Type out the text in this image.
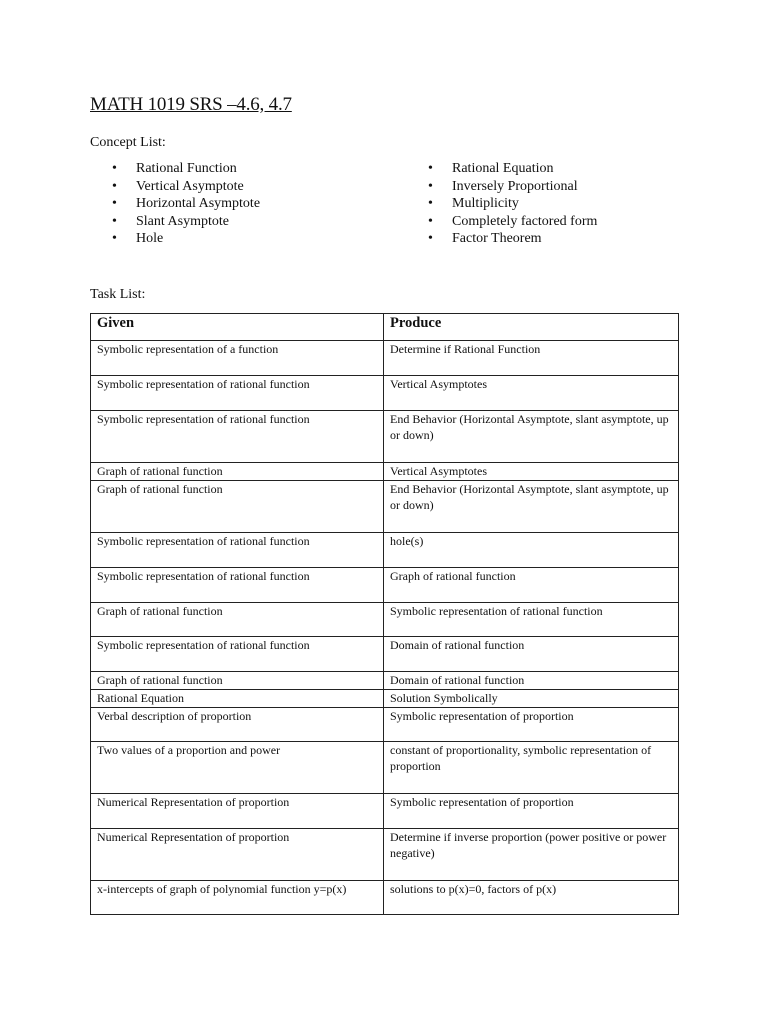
MATH 1019 SRS –4.6, 4.7
Concept List:
• Rational Function
• Vertical Asymptote
• Horizontal Asymptote
• Slant Asymptote
• Hole
• Rational Equation
• Inversely Proportional
• Multiplicity
• Completely factored form
• Factor Theorem
Task List:
Given	Produce
Symbolic representation of a function	Determine if Rational Function
Symbolic representation of rational function	Vertical Asymptotes
Symbolic representation of rational function	End Behavior (Horizontal Asymptote, slant asymptote, up or down)
Graph of rational function	Vertical Asymptotes
Graph of rational function	End Behavior (Horizontal Asymptote, slant asymptote, up or down)
Symbolic representation of rational function	hole(s)
Symbolic representation of rational function	Graph of rational function
Graph of rational function	Symbolic representation of rational function
Symbolic representation of rational function	Domain of rational function
Graph of rational function	Domain of rational function
Rational Equation	Solution Symbolically
Verbal description of proportion	Symbolic representation of proportion
Two values of a proportion and power	constant of proportionality, symbolic representation of proportion
Numerical Representation of proportion	Symbolic representation of proportion
Numerical Representation of proportion	Determine if inverse proportion (power positive or power negative)
x-intercepts of graph of polynomial function y=p(x)	solutions to p(x)=0, factors of p(x)
